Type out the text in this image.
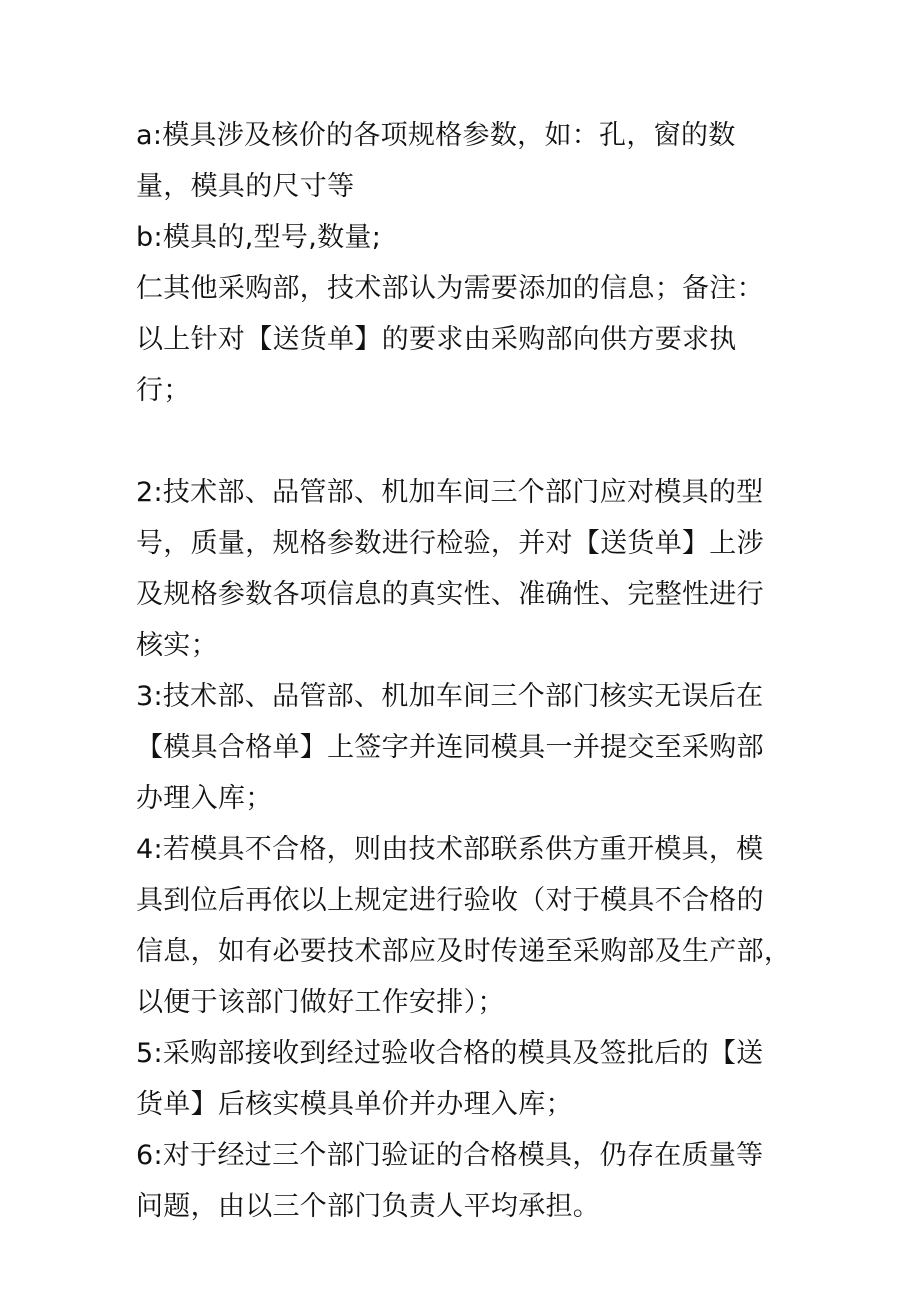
a:模具涉及核价的各项规格参数，如：孔，窗的数
量，模具的尺寸等

b:模具的,型号,数量;

仁其他采购部，技术部认为需要添加的信息；备注：
以上针对【送货单】的要求由采购部向供方要求执
行；

2:技术部、品管部、机加车间三个部门应对模具的型
号，质量，规格参数进行检验，并对【送货单】上涉
及规格参数各项信息的真实性、准确性、完整性进行
核实；

3:技术部、品管部、机加车间三个部门核实无误后在
【模具合格单】上签字并连同模具一并提交至采购部
办理入库；

4:若模具不合格，则由技术部联系供方重开模具，模
具到位后再依以上规定进行验收（对于模具不合格的
信息，如有必要技术部应及时传递至采购部及生产部，
以便于该部门做好工作安排）；

5:采购部接收到经过验收合格的模具及签批后的【送
货单】后核实模具单价并办理入库；

6:对于经过三个部门验证的合格模具，仍存在质量等
问题，由以三个部门负责人平均承担。
